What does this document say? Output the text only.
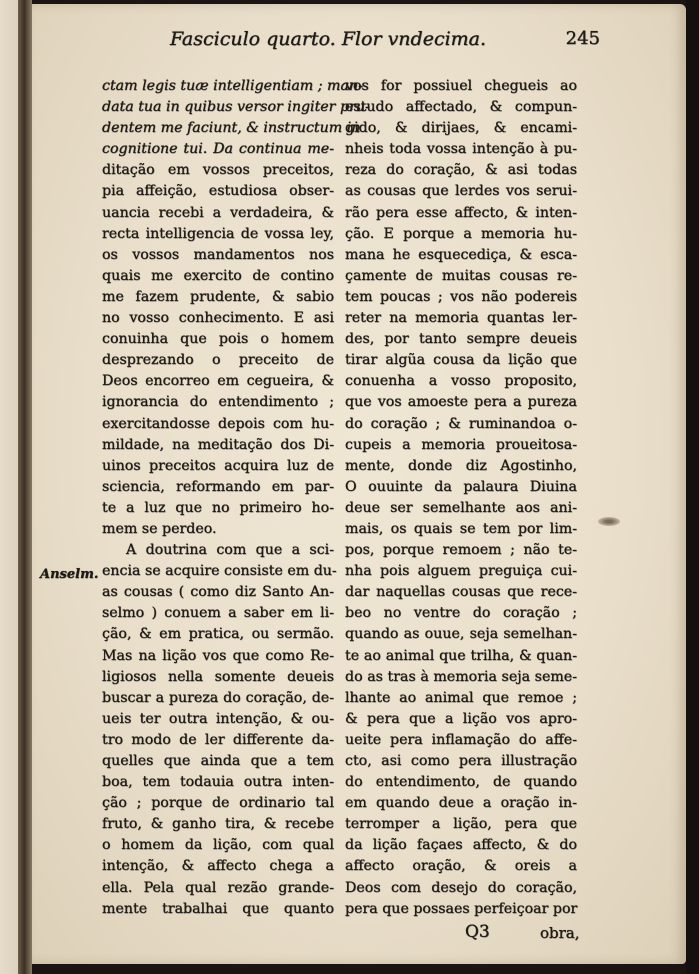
Fasciculo quarto. Flor vndecima.	245
ctam legis tuæ intelligentiam ; man-
data tua in quibus versor ingiter pru-
dentem me faciunt, & instructum in
cognitione tui. Da continua me-
ditação em vossos preceitos,
pia affeição, estudiosa obser-
uancia recebi a verdadeira, &
recta intelligencia de vossa ley,
os vossos mandamentos nos
quais me exercito de contino
me fazem prudente, & sabio
no vosso conhecimento. E asi
conuinha que pois o homem
desprezando o preceito de
Deos encorreo em cegueira, &
ignorancia do entendimento ;
exercitandosse depois com hu-
mildade, na meditação dos Di-
uinos preceitos acquira luz de
sciencia, reformando em par-
te a luz que no primeiro ho-
mem se perdeo.
A doutrina com que a sci-
encia se acquire consiste em du-
as cousas ( como diz Santo An-
selmo ) conuem a saber em li-
ção, & em pratica, ou sermão.
Mas na lição vos que como Re-
ligiosos nella somente deueis
buscar a pureza do coração, de-
ueis ter outra intenção, & ou-
tro modo de ler differente da-
quelles que ainda que a tem
boa, tem todauia outra inten-
ção ; porque de ordinario tal
fruto, & ganho tira, & recebe
o homem da lição, com qual
intenção, & affecto chega a
ella. Pela qual rezão grande-
mente trabalhai que quanto
Anselm.
vos for possiuel chegueis ao
estudo affectado, & compun-
gido, & dirijaes, & encami-
nheis toda vossa intenção à pu-
reza do coração, & asi todas
as cousas que lerdes vos serui-
rão pera esse affecto, & inten-
ção. E porque a memoria hu-
mana he esquecediça, & esca-
çamente de muitas cousas re-
tem poucas ; vos não podereis
reter na memoria quantas ler-
des, por tanto sempre deueis
tirar algũa cousa da lição que
conuenha a vosso proposito,
que vos amoeste pera a pureza
do coração ; & ruminandoa o-
cupeis a memoria proueitosa-
mente, donde diz Agostinho,
O ouuinte da palaura Diuina
deue ser semelhante aos ani-
mais, os quais se tem por lim-
pos, porque remoem ; não te-
nha pois alguem preguiça cui-
dar naquellas cousas que rece-
beo no ventre do coração ;
quando as ouue, seja semelhan-
te ao animal que trilha, & quan-
do as tras à memoria seja seme-
lhante ao animal que remoe ;
& pera que a lição vos apro-
ueite pera inflamação do affe-
cto, asi como pera illustração
do entendimento, de quando
em quando deue a oração in-
terromper a lição, pera que
da lição façaes affecto, & do
affecto oração, & oreis a
Deos com desejo do coração,
pera que possaes perfeiçoar por
Q3	obra,
